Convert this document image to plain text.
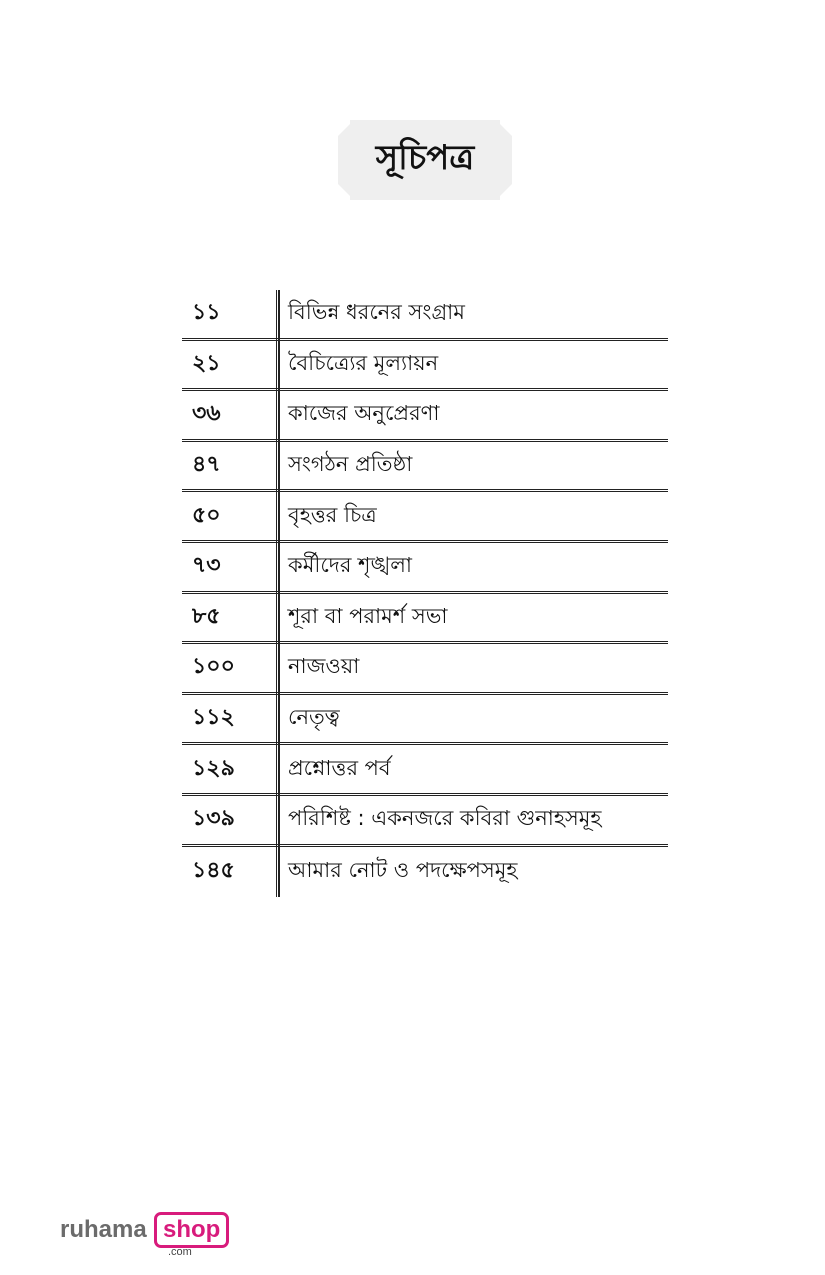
সূচিপত্র
১১	বিভিন্ন ধরনের সংগ্রাম
২১	বৈচিত্র্যের মূল্যায়ন
৩৬	কাজের অনুপ্রেরণা
৪৭	সংগঠন প্রতিষ্ঠা
৫০	বৃহত্তর চিত্র
৭৩	কর্মীদের শৃঙ্খলা
৮৫	শূরা বা পরামর্শ সভা
১০০	নাজওয়া
১১২	নেতৃত্ব
১২৯	প্রশ্নোত্তর পর্ব
১৩৯	পরিশিষ্ট : একনজরে কবিরা গুনাহসমূহ
১৪৫	আমার নোট ও পদক্ষেপসমূহ
ruhama shop
.com
